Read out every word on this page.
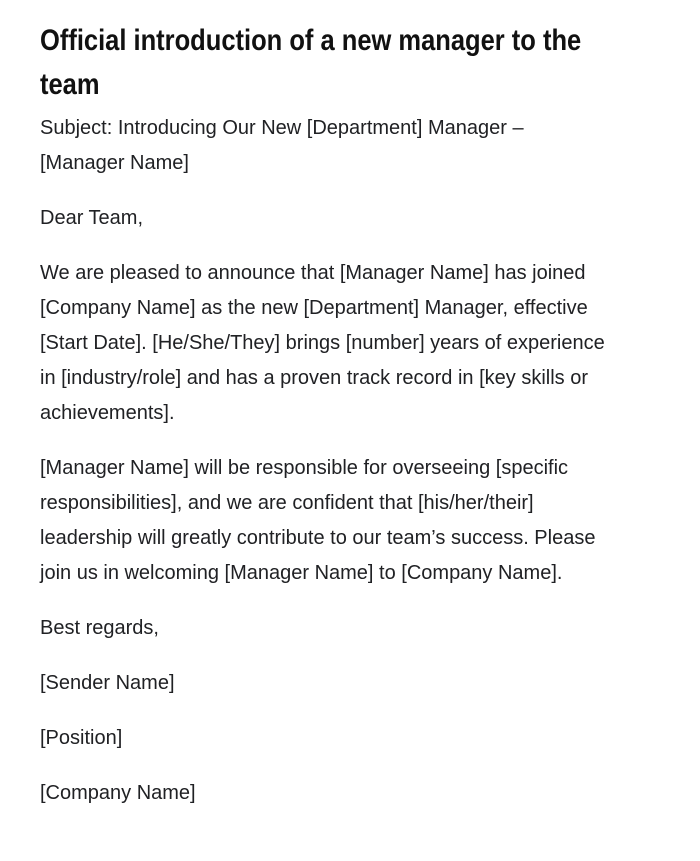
Official introduction of a new manager to the team

Subject: Introducing Our New [Department] Manager – [Manager Name]

Dear Team,

We are pleased to announce that [Manager Name] has joined [Company Name] as the new [Department] Manager, effective [Start Date]. [He/She/They] brings [number] years of experience in [industry/role] and has a proven track record in [key skills or achievements].

[Manager Name] will be responsible for overseeing [specific responsibilities], and we are confident that [his/her/their] leadership will greatly contribute to our team’s success. Please join us in welcoming [Manager Name] to [Company Name].

Best regards,

[Sender Name]

[Position]

[Company Name]
